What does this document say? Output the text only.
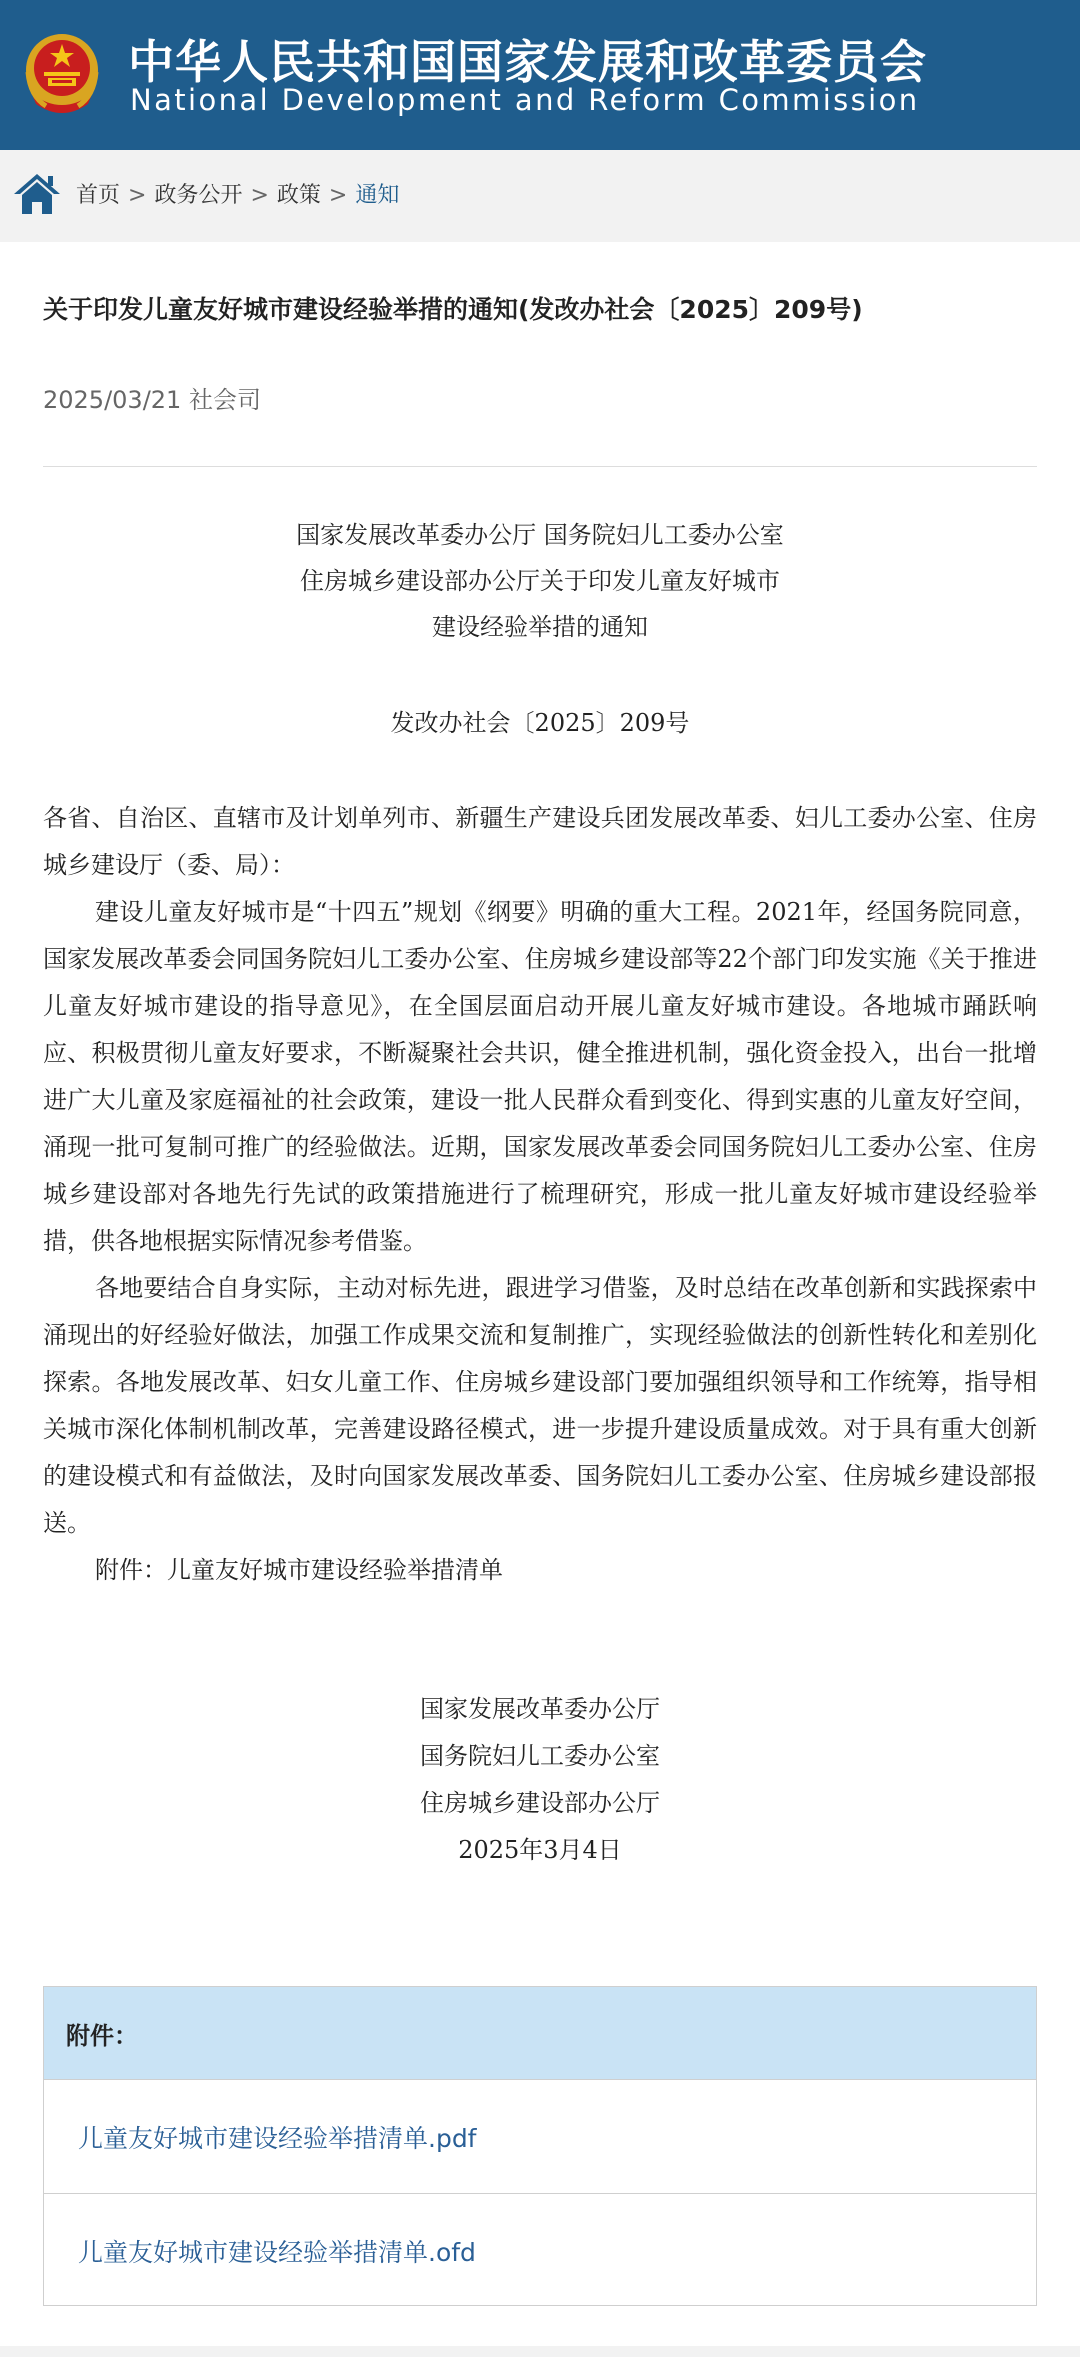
中华人民共和国国家发展和改革委员会
National Development and Reform Commission
首页 > 政务公开 > 政策 > 通知
关于印发儿童友好城市建设经验举措的通知(发改办社会〔2025〕209号)
2025/03/21 社会司
国家发展改革委办公厅 国务院妇儿工委办公室
住房城乡建设部办公厅关于印发儿童友好城市
建设经验举措的通知
发改办社会〔2025〕209号

各省、自治区、直辖市及计划单列市、新疆生产建设兵团发展改革委、妇儿工委办公室、住房城乡建设厅（委、局）：

建设儿童友好城市是“十四五”规划《纲要》明确的重大工程。2021年，经国务院同意，国家发展改革委会同国务院妇儿工委办公室、住房城乡建设部等22个部门印发实施《关于推进儿童友好城市建设的指导意见》，在全国层面启动开展儿童友好城市建设。各地城市踊跃响应、积极贯彻儿童友好要求，不断凝聚社会共识，健全推进机制，强化资金投入，出台一批增进广大儿童及家庭福祉的社会政策，建设一批人民群众看到变化、得到实惠的儿童友好空间，涌现一批可复制可推广的经验做法。近期，国家发展改革委会同国务院妇儿工委办公室、住房城乡建设部对各地先行先试的政策措施进行了梳理研究，形成一批儿童友好城市建设经验举措，供各地根据实际情况参考借鉴。

各地要结合自身实际，主动对标先进，跟进学习借鉴，及时总结在改革创新和实践探索中涌现出的好经验好做法，加强工作成果交流和复制推广，实现经验做法的创新性转化和差别化探索。各地发展改革、妇女儿童工作、住房城乡建设部门要加强组织领导和工作统筹，指导相关城市深化体制机制改革，完善建设路径模式，进一步提升建设质量成效。对于具有重大创新的建设模式和有益做法，及时向国家发展改革委、国务院妇儿工委办公室、住房城乡建设部报送。

附件：儿童友好城市建设经验举措清单

国家发展改革委办公厅
国务院妇儿工委办公室
住房城乡建设部办公厅
2025年3月4日
附件：
儿童友好城市建设经验举措清单.pdf
儿童友好城市建设经验举措清单.ofd
